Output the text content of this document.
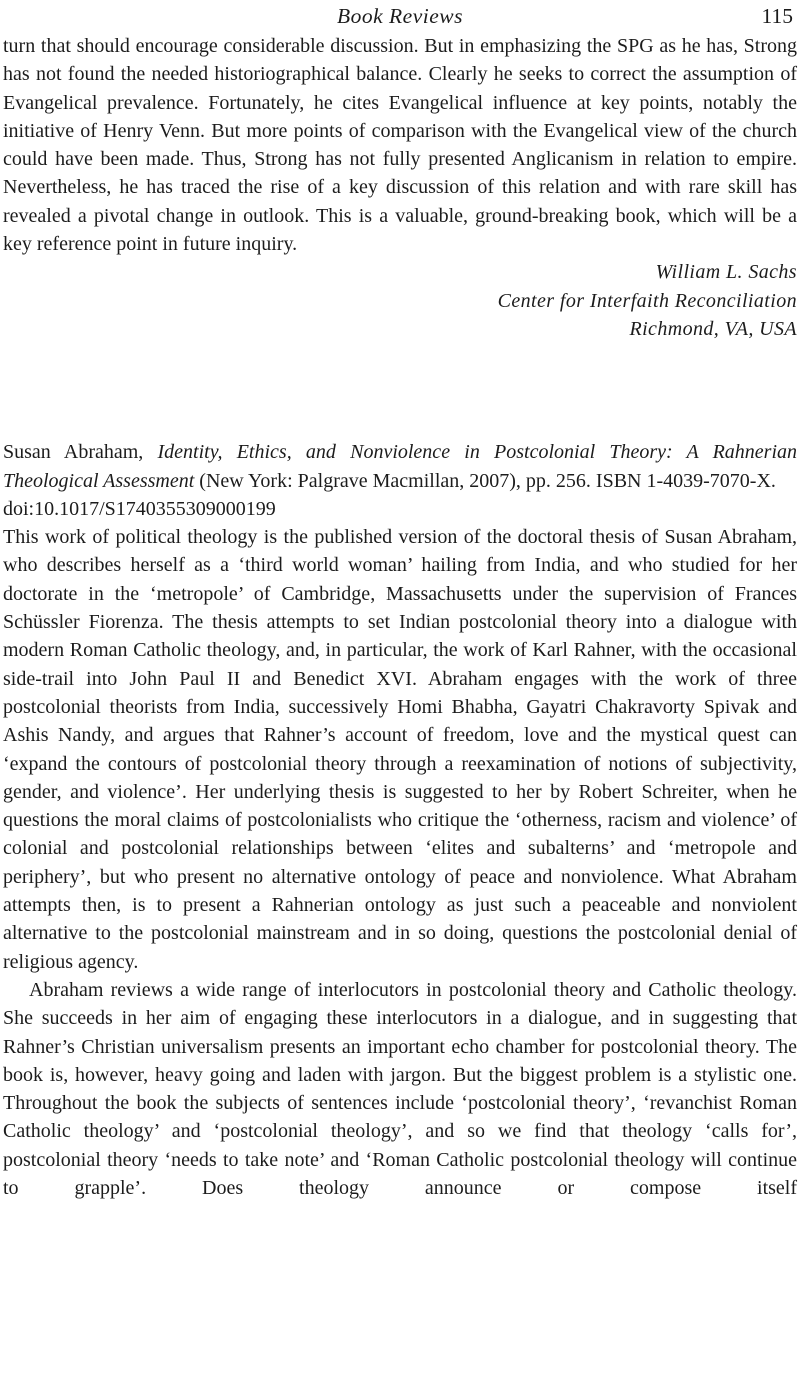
Book Reviews	115

turn that should encourage considerable discussion. But in emphasizing the SPG as he has, Strong has not found the needed historiographical balance. Clearly he seeks to correct the assumption of Evangelical prevalence. Fortunately, he cites Evangelical influence at key points, notably the initiative of Henry Venn. But more points of comparison with the Evangelical view of the church could have been made. Thus, Strong has not fully presented Anglicanism in relation to empire. Nevertheless, he has traced the rise of a key discussion of this relation and with rare skill has revealed a pivotal change in outlook. This is a valuable, ground-breaking book, which will be a key reference point in future inquiry.

William L. Sachs
Center for Interfaith Reconciliation
Richmond, VA, USA

Susan Abraham, Identity, Ethics, and Nonviolence in Postcolonial Theory: A Rahnerian Theological Assessment (New York: Palgrave Macmillan, 2007), pp. 256. ISBN 1-4039-7070-X.

doi:10.1017/S1740355309000199

This work of political theology is the published version of the doctoral thesis of Susan Abraham, who describes herself as a ‘third world woman’ hailing from India, and who studied for her doctorate in the ‘metropole’ of Cambridge, Massachusetts under the supervision of Frances Schüssler Fiorenza. The thesis attempts to set Indian postcolonial theory into a dialogue with modern Roman Catholic theology, and, in particular, the work of Karl Rahner, with the occasional side-trail into John Paul II and Benedict XVI. Abraham engages with the work of three postcolonial theorists from India, successively Homi Bhabha, Gayatri Chakravorty Spivak and Ashis Nandy, and argues that Rahner’s account of freedom, love and the mystical quest can ‘expand the contours of postcolonial theory through a reexamination of notions of subjectivity, gender, and violence’. Her underlying thesis is suggested to her by Robert Schreiter, when he questions the moral claims of postcolonialists who critique the ‘otherness, racism and violence’ of colonial and postcolonial relationships between ‘elites and subalterns’ and ‘metropole and periphery’, but who present no alternative ontology of peace and nonviolence. What Abraham attempts then, is to present a Rahnerian ontology as just such a peaceable and nonviolent alternative to the postcolonial mainstream and in so doing, questions the postcolonial denial of religious agency.

Abraham reviews a wide range of interlocutors in postcolonial theory and Catholic theology. She succeeds in her aim of engaging these interlocutors in a dialogue, and in suggesting that Rahner’s Christian universalism presents an important echo chamber for postcolonial theory. The book is, however, heavy going and laden with jargon. But the biggest problem is a stylistic one. Throughout the book the subjects of sentences include ‘postcolonial theory’, ‘revanchist Roman Catholic theology’ and ‘postcolonial theology’, and so we find that theology ‘calls for’, postcolonial theory ‘needs to take note’ and ‘Roman Catholic postcolonial theology will continue to grapple’. Does theology announce or compose itself
